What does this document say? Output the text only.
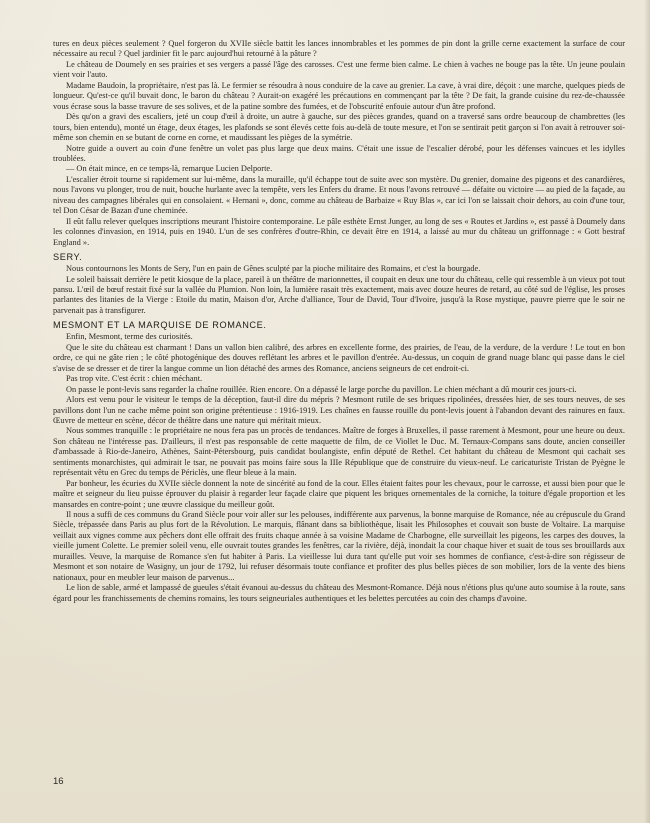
tures en deux pièces seulement ? Quel forgeron du XVIIe siècle battit les lances innombrables et les pommes de pin dont la grille cerne exactement la surface de cour nécessaire au recul ? Quel jardinier fit le parc aujourd'hui retourné à la pâture ?

Le château de Doumely en ses prairies et ses vergers a passé l'âge des carosses. C'est une ferme bien calme. Le chien à vaches ne bouge pas la tête. Un jeune poulain vient voir l'auto.

Madame Baudoin, la propriétaire, n'est pas là. Le fermier se résoudra à nous conduire de la cave au grenier. La cave, à vrai dire, déçoit : une marche, quelques pieds de longueur. Qu'est-ce qu'il buvait donc, le baron du château ? Aurait-on exagéré les précautions en commençant par la tête ? De fait, la grande cuisine du rez-de-chaussée vous écrase sous la basse travure de ses solives, et de la patine sombre des fumées, et de l'obscurité enfouie autour d'un âtre profond.

Dès qu'on a gravi des escaliers, jeté un coup d'œil à droite, un autre à gauche, sur des pièces grandes, quand on a traversé sans ordre beaucoup de chambrettes (les tours, bien entendu), monté un étage, deux étages, les plafonds se sont élevés cette fois au-delà de toute mesure, et l'on se sentirait petit garçon si l'on avait à retrouver soi-même son chemin en se butant de corne en corne, et maudissant les pièges de la symétrie.

Notre guide a ouvert au coin d'une fenêtre un volet pas plus large que deux mains. C'était une issue de l'escalier dérobé, pour les défenses vaincues et les idylles troublées.

— On était mince, en ce temps-là, remarque Lucien Delporte.

L'escalier étroit tourne si rapidement sur lui-même, dans la muraille, qu'il échappe tout de suite avec son mystère. Du grenier, domaine des pigeons et des canardières, nous l'avons vu plonger, trou de nuit, bouche hurlante avec la tempête, vers les Enfers du drame. Et nous l'avons retrouvé — défaite ou victoire — au pied de la façade, au niveau des campagnes libérales qui en consolaient. « Hernani », donc, comme au château de Barbaize « Ruy Blas », car ici l'on se laissait choir dehors, au coin d'une tour, tel Don César de Bazan d'une cheminée.

Il eût fallu relever quelques inscriptions meurant l'histoire contemporaine. Le pâle esthète Ernst Junger, au long de ses « Routes et Jardins », est passé à Doumely dans les colonnes d'invasion, en 1914, puis en 1940. L'un de ses confrères d'outre-Rhin, ce devait être en 1914, a laissé au mur du château un griffonnage : « Gott bestraf England ».

SERY.

Nous contournons les Monts de Sery, l'un en pain de Gênes sculpté par la pioche militaire des Romains, et c'est la bourgade.

Le soleil baissait derrière le petit kiosque de la place, pareil à un théâtre de marionnettes, il coupait en deux une tour du château, celle qui ressemble à un vieux pot tout pansu. L'œil de bœuf restait fixé sur la vallée du Plumion. Non loin, la lumière rasait très exactement, mais avec douze heures de retard, au côté sud de l'église, les proses parlantes des litanies de la Vierge : Etoile du matin, Maison d'or, Arche d'alliance, Tour de David, Tour d'Ivoire, jusqu'à la Rose mystique, pauvre pierre que le soir ne parvenait pas à transfigurer.

MESMONT ET LA MARQUISE DE ROMANCE.

Enfin, Mesmont, terme des curiosités.

Que le site du château est charmant ! Dans un vallon bien calibré, des arbres en excellente forme, des prairies, de l'eau, de la verdure, de la verdure ! Le tout en bon ordre, ce qui ne gâte rien ; le côté photogénique des douves reflétant les arbres et le pavillon d'entrée. Au-dessus, un coquin de grand nuage blanc qui passe dans le ciel s'avise de se dresser et de tirer la langue comme un lion détaché des armes des Romance, anciens seigneurs de cet endroit-ci.

Pas trop vite. C'est écrit : chien méchant.

On passe le pont-levis sans regarder la chaîne rouillée. Rien encore. On a dépassé le large porche du pavillon. Le chien méchant a dû mourir ces jours-ci.

Alors est venu pour le visiteur le temps de la déception, faut-il dire du mépris ? Mesmont rutile de ses briques ripolinées, dressées hier, de ses tours neuves, de ses pavillons dont l'un ne cache même point son origine prétentieuse : 1916-1919. Les chaînes en fausse rouille du pont-levis jouent à l'abandon devant des rainures en faux. Œuvre de metteur en scène, décor de théâtre dans une nature qui méritait mieux.

Nous sommes tranquille : le propriétaire ne nous fera pas un procès de tendances. Maître de forges à Bruxelles, il passe rarement à Mesmont, pour une heure ou deux. Son château ne l'intéresse pas. D'ailleurs, il n'est pas responsable de cette maquette de film, de ce Viollet le Duc. M. Ternaux-Compans sans doute, ancien conseiller d'ambassade à Rio-de-Janeiro, Athènes, Saint-Pétersbourg, puis candidat boulangiste, enfin député de Rethel. Cet habitant du château de Mesmont qui cachait ses sentiments monarchistes, qui admirait le tsar, ne pouvait pas moins faire sous la IIIe République que de construire du vieux-neuf. Le caricaturiste Tristan de Pyègne le représentait vêtu en Grec du temps de Périclès, une fleur bleue à la main.

Par bonheur, les écuries du XVIIe siècle donnent la note de sincérité au fond de la cour. Elles étaient faites pour les chevaux, pour le carrosse, et aussi bien pour que le maître et seigneur du lieu puisse éprouver du plaisir à regarder leur façade claire que piquent les briques ornementales de la corniche, la toiture d'égale proportion et les mansardes en contre-point ; une œuvre classique du meilleur goût.

Il nous a suffi de ces communs du Grand Siècle pour voir aller sur les pelouses, indifférente aux parvenus, la bonne marquise de Romance, née au crépuscule du Grand Siècle, trépassée dans Paris au plus fort de la Révolution. Le marquis, flânant dans sa bibliothèque, lisait les Philosophes et couvait son buste de Voltaire. La marquise veillait aux vignes comme aux pêchers dont elle offrait des fruits chaque année à sa voisine Madame de Charbogne, elle surveillait les pigeons, les carpes des douves, la vieille jument Colette. Le premier soleil venu, elle ouvrait toutes grandes les fenêtres, car la rivière, déjà, inondait la cour chaque hiver et suait de tous ses brouillards aux murailles. Veuve, la marquise de Romance s'en fut habiter à Paris. La vieillesse lui dura tant qu'elle put voir ses hommes de confiance, c'est-à-dire son régisseur de Mesmont et son notaire de Wasigny, un jour de 1792, lui refuser désormais toute confiance et profiter des plus belles pièces de son mobilier, lors de la vente des biens nationaux, pour en meubler leur maison de parvenus...

Le lion de sable, armé et lampassé de gueules s'était évanoui au-dessus du château des Mesmont-Romance. Déjà nous n'étions plus qu'une auto soumise à la route, sans égard pour les franchissements de chemins romains, les tours seigneuriales authentiques et les belettes percutées au coin des champs d'avoine.

16
